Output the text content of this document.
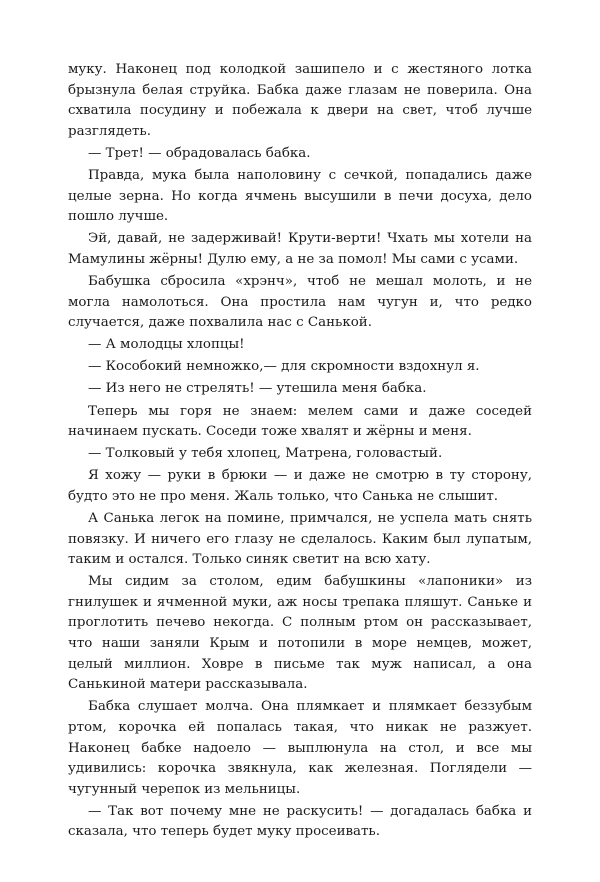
муку. Наконец под колодкой зашипело и с жестяного лотка брызнула белая струйка. Бабка даже глазам не поверила. Она схватила посудину и побежала к двери на свет, чтоб лучше разглядеть.

— Трет! — обрадовалась бабка.

Правда, мука была наполовину с сечкой, попадались даже целые зерна. Но когда ячмень высушили в печи досуха, дело пошло лучше.

Эй, давай, не задерживай! Крути-верти! Чхать мы хотели на Мамулины жёрны! Дулю ему, а не за помол! Мы сами с усами.

Бабушка сбросила «хрэнч», чтоб не мешал молоть, и не могла намолоться. Она простила нам чугун и, что редко случается, даже похвалила нас с Санькой.

— А молодцы хлопцы!

— Кособокий немножко,— для скромности вздохнул я.

— Из него не стрелять! — утешила меня бабка.

Теперь мы горя не знаем: мелем сами и даже соседей начинаем пускать. Соседи тоже хвалят и жёрны и меня.

— Толковый у тебя хлопец, Матрена, головастый.

Я хожу — руки в брюки — и даже не смотрю в ту сторону, будто это не про меня. Жаль только, что Санька не слышит.

А Санька легок на помине, примчался, не успела мать снять повязку. И ничего его глазу не сделалось. Каким был лупатым, таким и остался. Только синяк светит на всю хату.

Мы сидим за столом, едим бабушкины «лапоники» из гнилушек и ячменной муки, аж носы трепака пляшут. Саньке и проглотить печево некогда. С полным ртом он рассказывает, что наши заняли Крым и потопили в море немцев, может, целый миллион. Ховре в письме так муж написал, а она Санькиной матери рассказывала.

Бабка слушает молча. Она плямкает и плямкает беззубым ртом, корочка ей попалась такая, что никак не разжует. Наконец бабке надоело — выплюнула на стол, и все мы удивились: корочка звякнула, как железная. Поглядели — чугунный черепок из мельницы.

— Так вот почему мне не раскусить! — догадалась бабка и сказала, что теперь будет муку просеивать.
